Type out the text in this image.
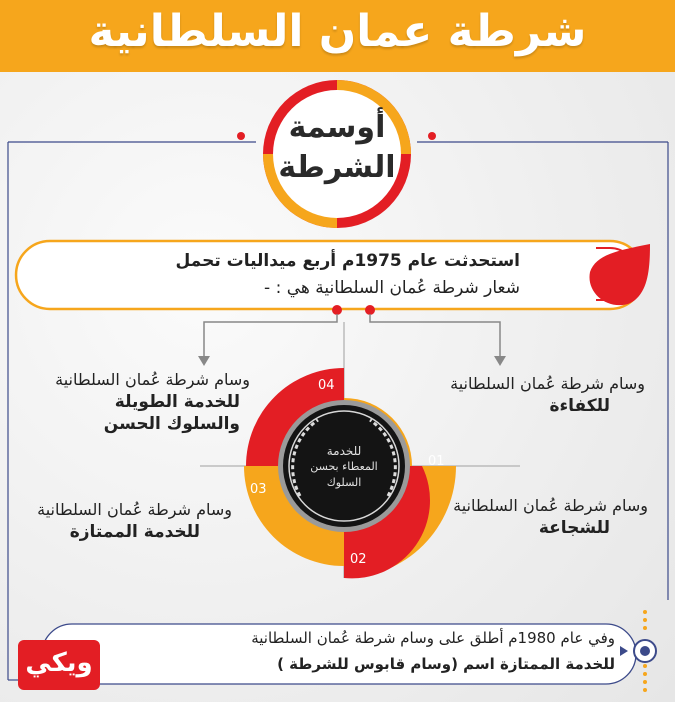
شرطة عمان السلطانية
أوسمة
الشرطة
استحدثت عام 1975م أربع ميداليات تحمل
شعار شرطة عُمان السلطانية هي : -
وسام شرطة عُمان السلطانية
للخدمة الطويلة
والسلوك الحسن
وسام شرطة عُمان السلطانية
للكفاءة
وسام شرطة عُمان السلطانية
للخدمة الممتازة
وسام شرطة عُمان السلطانية
للشجاعة
04
01
03
02
للخدمة
المعطاء بحسن
السلوك
وفي عام 1980م أطلق على وسام شرطة عُمان السلطانية
للخدمة الممتازة اسم (وسام قابوس للشرطة )
ويكي
